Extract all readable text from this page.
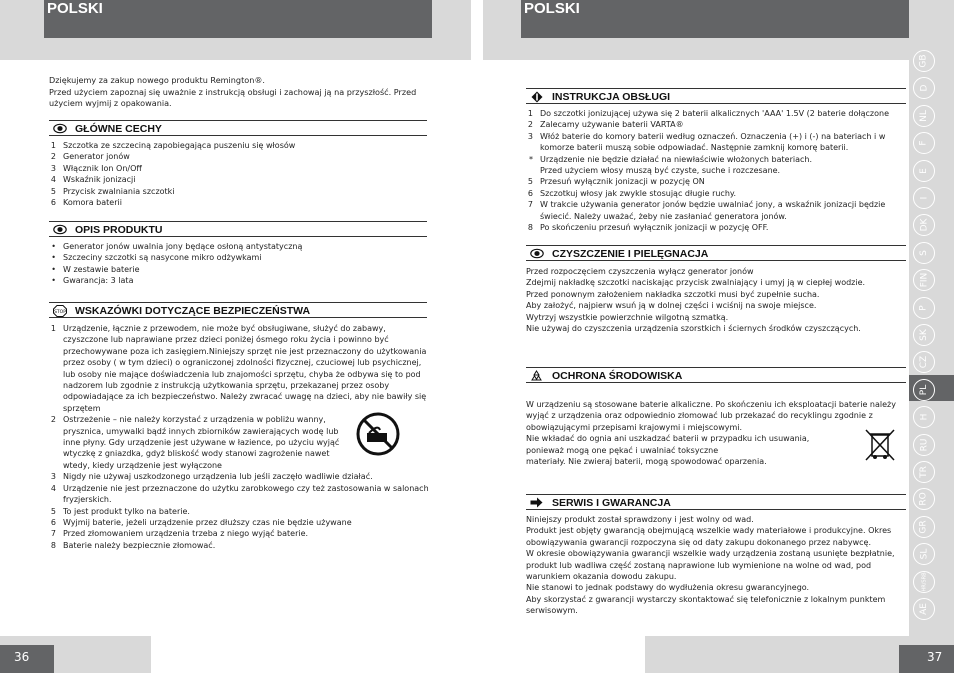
POLSKI
Dziękujemy za zakup nowego produktu Remington®.
Przed użyciem zapoznaj się uważnie z instrukcją obsługi i zachowaj ją na przyszłość. Przed użyciem wyjmij z opakowania.
GŁÓWNE CECHY
1 Szczotka ze szczeciną zapobiegająca puszeniu się włosów
2 Generator jonów
3 Włącznik Ion On/Off
4 Wskaźnik jonizacji
5 Przycisk zwalniania szczotki
6 Komora baterii
OPIS PRODUKTU
• Generator jonów uwalnia jony będące osłoną antystatyczną
• Szczeciny szczotki są nasycone mikro odżywkami
• W zestawie baterie
• Gwarancja: 3 lata
STOP WSKAZÓWKI DOTYCZĄCE BEZPIECZEŃSTWA
1 Urządzenie, łącznie z przewodem, nie może być obsługiwane, służyć do zabawy, czyszczone lub naprawiane przez dzieci poniżej ósmego roku życia i powinno być przechowywane poza ich zasięgiem.Niniejszy sprzęt nie jest przeznaczony do użytkowania przez osoby ( w tym dzieci) o ograniczonej zdolności fizycznej, czuciowej lub psychicznej, lub osoby nie mające doświadczenia lub znajomości sprzętu, chyba że odbywa się to pod nadzorem lub zgodnie z instrukcją użytkowania sprzętu, przekazanej przez osoby odpowiadające za ich bezpieczeństwo. Należy zwracać uwagę na dzieci, aby nie bawiły się sprzętem
2 Ostrzeżenie – nie należy korzystać z urządzenia w pobliżu wanny, prysznica, umywalki bądź innych zbiorników zawierających wodę lub inne płyny. Gdy urządzenie jest używane w łazience, po użyciu wyjąć wtyczkę z gniazdka, gdyż bliskość wody stanowi zagrożenie nawet wtedy, kiedy urządzenie jest wyłączone
3 Nigdy nie używaj uszkodzonego urządzenia lub jeśli zaczęło wadliwie działać.
4 Urządzenie nie jest przeznaczone do użytku zarobkowego czy też zastosowania w salonach fryzjerskich.
5 To jest produkt tylko na baterie.
6 Wyjmij baterie, jeżeli urządzenie przez dłuższy czas nie będzie używane
7 Przed złomowaniem urządzenia trzeba z niego wyjąć baterie.
8 Baterie należy bezpiecznie złomować.
36
POLSKI
INSTRUKCJA OBSŁUGI
1 Do szczotki jonizującej używa się 2 baterii alkalicznych 'AAA' 1.5V (2 baterie dołączone
2 Zalecamy używanie baterii VARTA®
3 Włóż baterie do komory baterii według oznaczeń. Oznaczenia (+) i (-) na bateriach i w komorze baterii muszą sobie odpowiadać. Następnie zamknij komorę baterii.
* Urządzenie nie będzie działać na niewłaściwie włożonych bateriach.
Przed użyciem włosy muszą być czyste, suche i rozczesane.
5 Przesuń wyłącznik jonizacji w pozycję ON
6 Szczotkuj włosy jak zwykle stosując długie ruchy.
7 W trakcie używania generator jonów będzie uwalniać jony, a wskaźnik jonizacji będzie świecić. Należy uważać, żeby nie zasłaniać generatora jonów.
8 Po skończeniu przesuń wyłącznik jonizacji w pozycję OFF.
CZYSZCZENIE I PIELĘGNACJA
Przed rozpoczęciem czyszczenia wyłącz generator jonów
Zdejmij nakładkę szczotki naciskając przycisk zwalniający i umyj ją w ciepłej wodzie.
Przed ponownym założeniem nakładka szczotki musi być zupełnie sucha.
Aby założyć, najpierw wsuń ją w dolnej części i wciśnij na swoje miejsce.
Wytrzyj wszystkie powierzchnie wilgotną szmatką.
Nie używaj do czyszczenia urządzenia szorstkich i ściernych środków czyszczących.
OCHRONA ŚRODOWISKA
W urządzeniu są stosowane baterie alkaliczne. Po skończeniu ich eksploatacji baterie należy wyjąć z urządzenia oraz odpowiednio złomować lub przekazać do recyklingu zgodnie z obowiązującymi przepisami krajowymi i miejscowymi.
Nie wkładać do ognia ani uszkadzać baterii w przypadku ich usuwania, ponieważ mogą one pękać i uwalniać toksyczne
materiały. Nie zwieraj baterii, mogą spowodować oparzenia.
SERWIS I GWARANCJA
Niniejszy produkt został sprawdzony i jest wolny od wad.
Produkt jest objęty gwarancją obejmującą wszelkie wady materiałowe i produkcyjne. Okres obowiązywania gwarancji rozpoczyna się od daty zakupu dokonanego przez nabywcę.
W okresie obowiązywania gwarancji wszelkie wady urządzenia zostaną usunięte bezpłatnie, produkt lub wadliwa część zostaną naprawione lub wymienione na wolne od wad, pod warunkiem okazania dowodu zakupu.
Nie stanowi to jednak podstawy do wydłużenia okresu gwarancyjnego.
Aby skorzystać z gwarancji wystarczy skontaktować się telefonicznie z lokalnym punktem serwisowym.
GB
D
NL
F
E
I
DK
S
FIN
P
SK
CZ
PL
H
RU
TR
RO
GR
SL
HR/SRB
AE
37
